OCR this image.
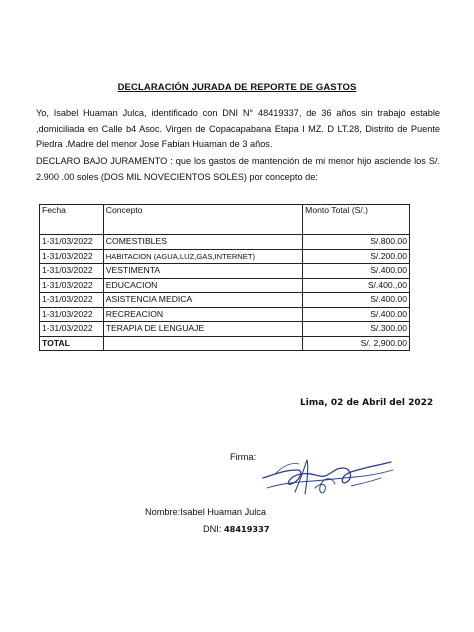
DECLARACIÓN JURADA DE REPORTE DE GASTOS

Yo, Isabel Huaman Julca, identificado con DNI N° 48419337, de 36 años sin trabajo estable ,domiciliada en Calle b4 Asoc. Virgen de Copacapabana Etapa I MZ. D LT.28, Distrito de Puente Piedra .Madre del menor Jose Fabian Huaman de 3 años.

DECLARO BAJO JURAMENTO : que los gastos de mantención de mi menor hijo asciende los S/. 2.900 .00 soles (DOS MIL NOVECIENTOS SOLES) por concepto de:

Fecha	Concepto	Monto Total (S/.)
1-31/03/2022	COMESTIBLES	S/.800.00
1-31/03/2022	HABITACION (AGUA,LUZ,GAS,INTERNET)	S/.200.00
1-31/03/2022	VESTIMENTA	S/.400.00
1-31/03/2022	EDUCACION	S/.400.,00
1-31/03/2022	ASISTENCIA MEDICA	S/.400.00
1-31/03/2022	RECREACION	S/.400.00
1-31/03/2022	TERAPIA DE LENGUAJE	S/.300.00
TOTAL		S/. 2,900.00
Lima, 02 de Abril del 2022
Firma:
Nombre:Isabel Huaman Julca
DNI: 48419337
